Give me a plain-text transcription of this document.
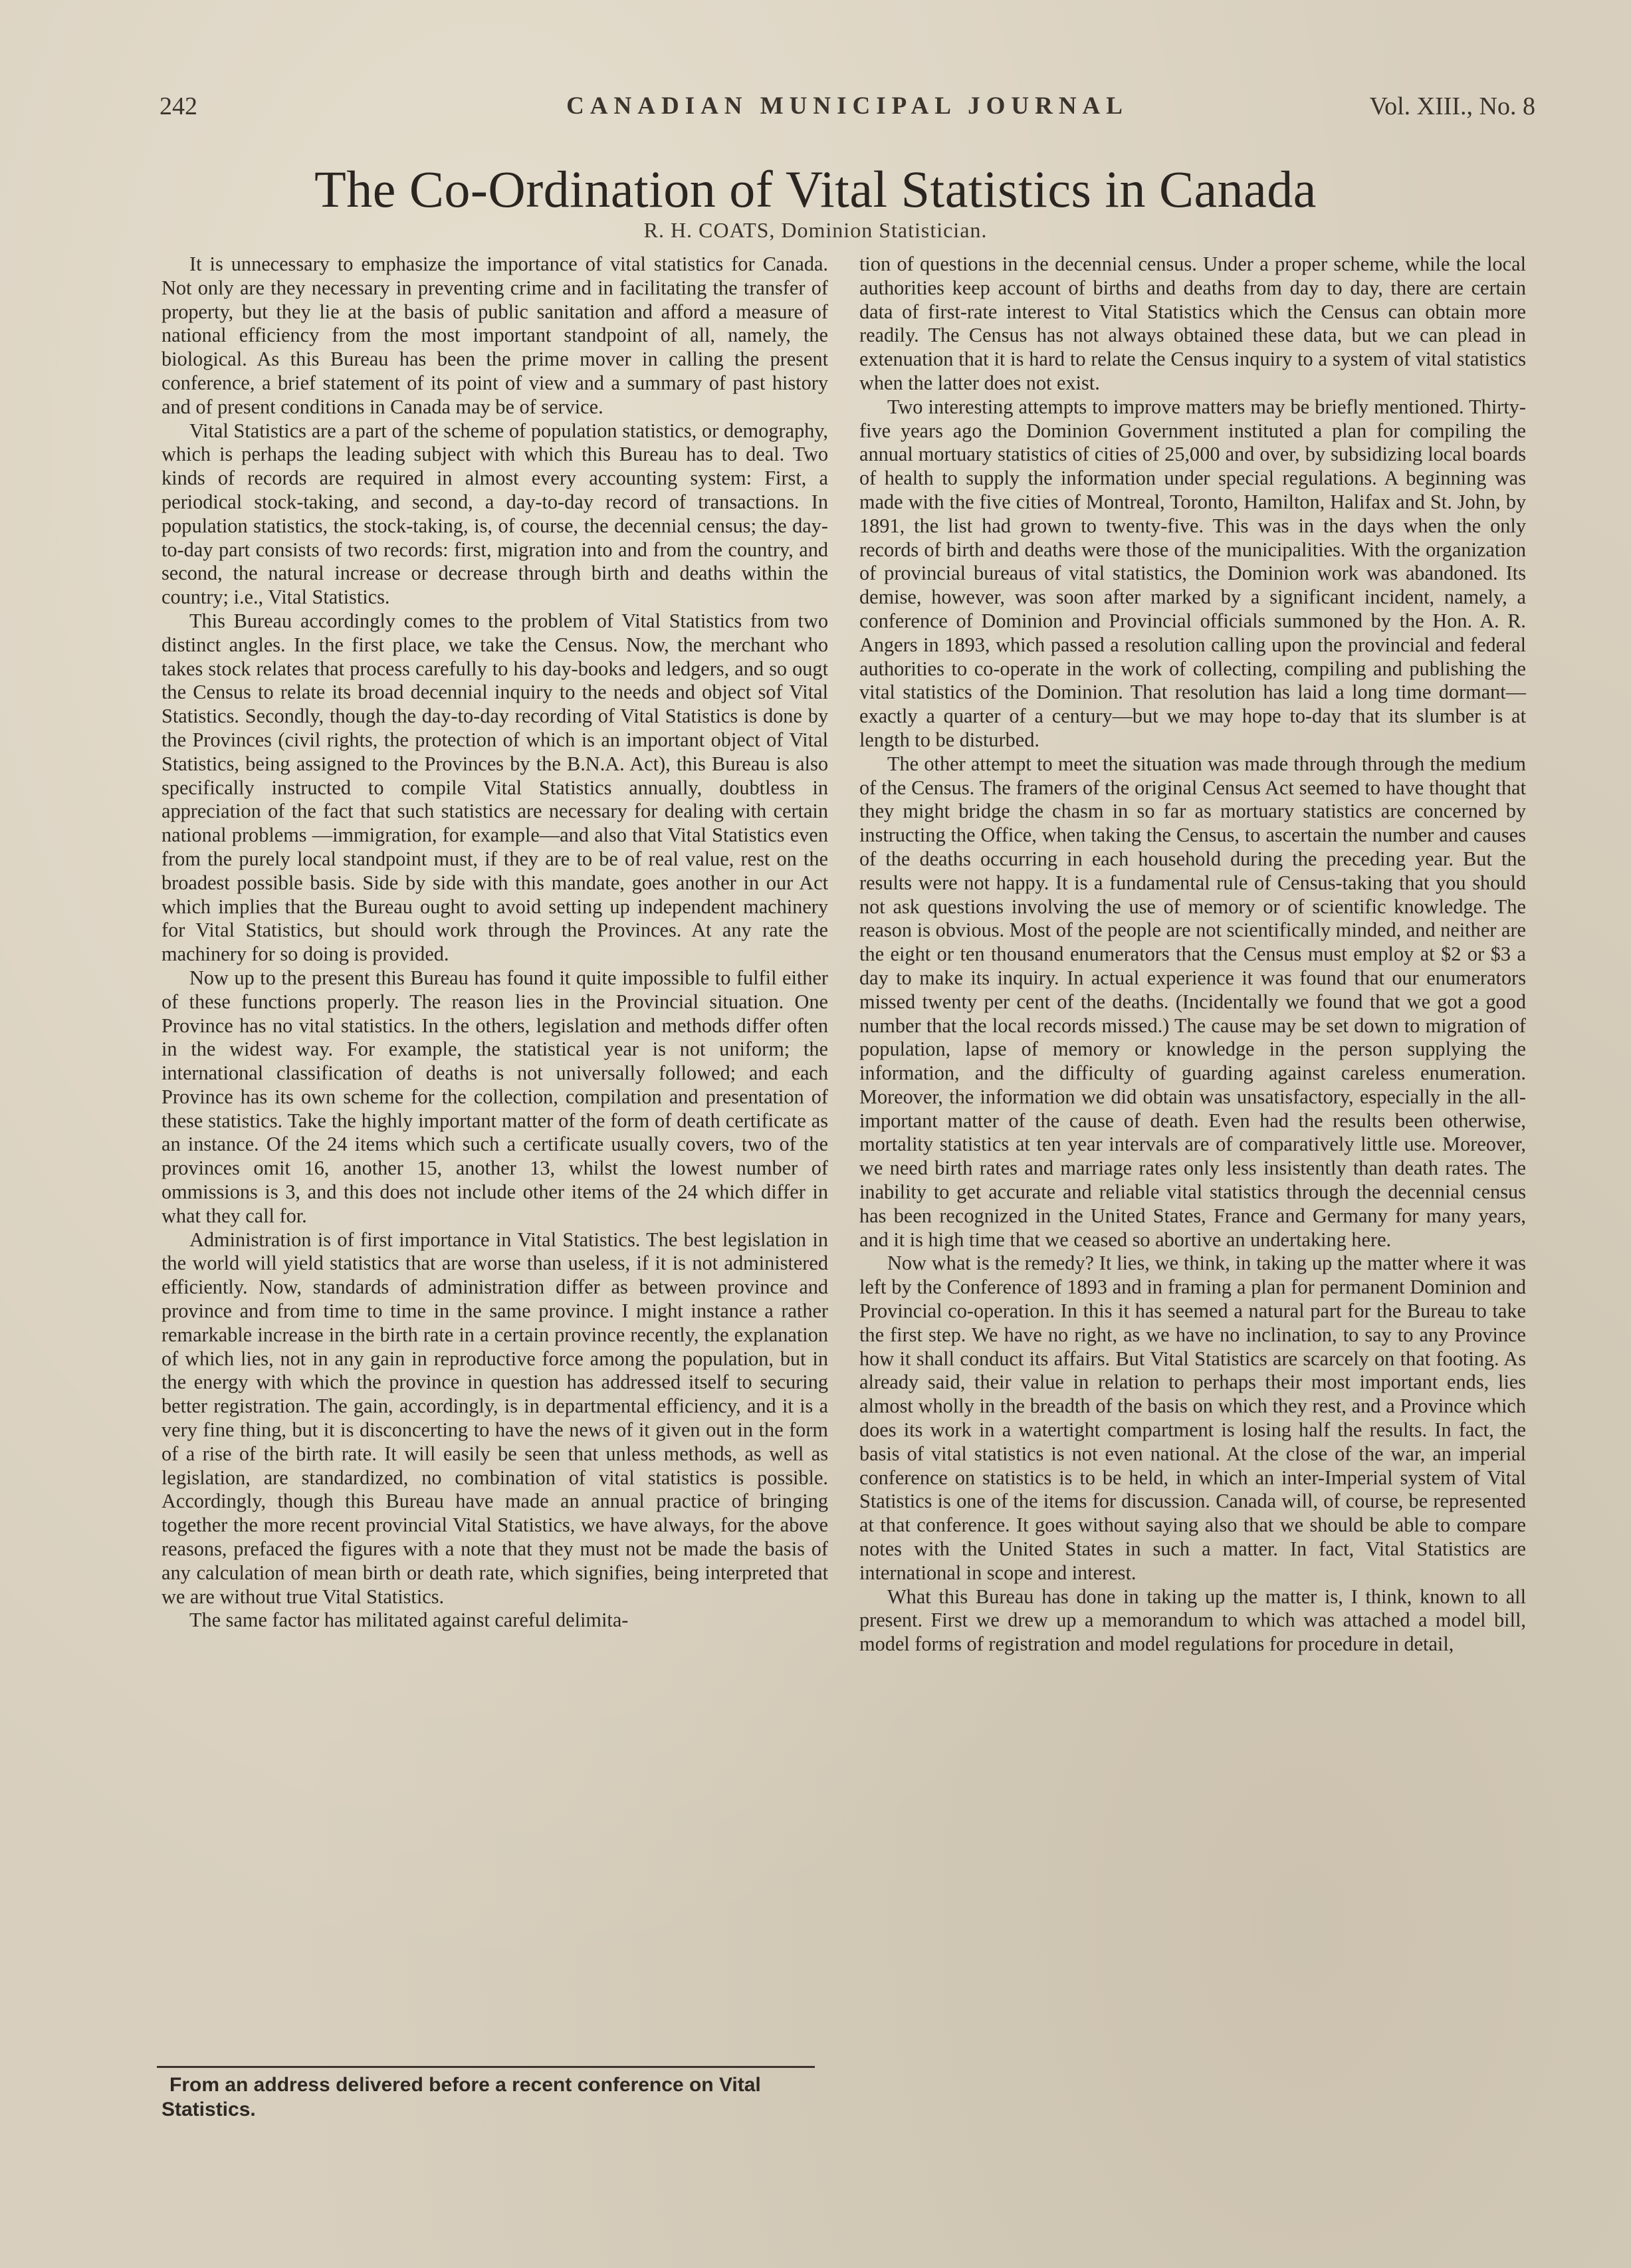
242	CANADIAN MUNICIPAL JOURNAL	Vol. XIII., No. 8
The Co-Ordination of Vital Statistics in Canada
R. H. COATS, Dominion Statistician.

It is unnecessary to emphasize the importance of vital statistics for Canada. Not only are they necessary in preventing crime and in facilitating the transfer of property, but they lie at the basis of public sanitation and afford a measure of national efficiency from the most important standpoint of all, namely, the biological. As this Bureau has been the prime mover in calling the present conference, a brief statement of its point of view and a summary of past history and of present conditions in Canada may be of service.

Vital Statistics are a part of the scheme of population statistics, or demography, which is perhaps the leading subject with which this Bureau has to deal. Two kinds of records are required in almost every accounting system: First, a periodical stock-taking, and second, a day-to-day record of transactions. In population statistics, the stock-taking, is, of course, the decennial census; the day-to-day part consists of two records: first, migration into and from the country, and second, the natural increase or decrease through birth and deaths within the country; i.e., Vital Statistics.

This Bureau accordingly comes to the problem of Vital Statistics from two distinct angles. In the first place, we take the Census. Now, the merchant who takes stock relates that process carefully to his day-books and ledgers, and so ougt the Census to relate its broad decennial inquiry to the needs and object sof Vital Statistics. Secondly, though the day-to-day recording of Vital Statistics is done by the Provinces (civil rights, the protection of which is an important object of Vital Statistics, being assigned to the Provinces by the B.N.A. Act), this Bureau is also specifically instructed to compile Vital Statistics annually, doubtless in appreciation of the fact that such statistics are necessary for dealing with certain national problems —immigration, for example—and also that Vital Statistics even from the purely local standpoint must, if they are to be of real value, rest on the broadest possible basis. Side by side with this mandate, goes another in our Act which implies that the Bureau ought to avoid setting up independent machinery for Vital Statistics, but should work through the Provinces. At any rate the machinery for so doing is provided.

Now up to the present this Bureau has found it quite impossible to fulfil either of these functions properly. The reason lies in the Provincial situation. One Province has no vital statistics. In the others, legislation and methods differ often in the widest way. For example, the statistical year is not uniform; the international classification of deaths is not universally followed; and each Province has its own scheme for the collection, compilation and presentation of these statistics. Take the highly important matter of the form of death certificate as an instance. Of the 24 items which such a certificate usually covers, two of the provinces omit 16, another 15, another 13, whilst the lowest number of ommissions is 3, and this does not include other items of the 24 which differ in what they call for.

Administration is of first importance in Vital Statistics. The best legislation in the world will yield statistics that are worse than useless, if it is not administered efficiently. Now, standards of administration differ as between province and province and from time to time in the same province. I might instance a rather remarkable increase in the birth rate in a certain province recently, the explanation of which lies, not in any gain in reproductive force among the population, but in the energy with which the province in question has addressed itself to securing better registration. The gain, accordingly, is in departmental efficiency, and it is a very fine thing, but it is disconcerting to have the news of it given out in the form of a rise of the birth rate. It will easily be seen that unless methods, as well as legislation, are standardized, no combination of vital statistics is possible. Accordingly, though this Bureau have made an annual practice of bringing together the more recent provincial Vital Statistics, we have always, for the above reasons, prefaced the figures with a note that they must not be made the basis of any calculation of mean birth or death rate, which signifies, being interpreted that we are without true Vital Statistics.

The same factor has militated against careful delimita-

From an address delivered before a recent conference on Vital Statistics.

tion of questions in the decennial census. Under a proper scheme, while the local authorities keep account of births and deaths from day to day, there are certain data of first-rate interest to Vital Statistics which the Census can obtain more readily. The Census has not always obtained these data, but we can plead in extenuation that it is hard to relate the Census inquiry to a system of vital statistics when the latter does not exist.

Two interesting attempts to improve matters may be briefly mentioned. Thirty-five years ago the Dominion Government instituted a plan for compiling the annual mortuary statistics of cities of 25,000 and over, by subsidizing local boards of health to supply the information under special regulations. A beginning was made with the five cities of Montreal, Toronto, Hamilton, Halifax and St. John, by 1891, the list had grown to twenty-five. This was in the days when the only records of birth and deaths were those of the municipalities. With the organization of provincial bureaus of vital statistics, the Dominion work was abandoned. Its demise, however, was soon after marked by a significant incident, namely, a conference of Dominion and Provincial officials summoned by the Hon. A. R. Angers in 1893, which passed a resolution calling upon the provincial and federal authorities to co-operate in the work of collecting, compiling and publishing the vital statistics of the Dominion. That resolution has laid a long time dormant—exactly a quarter of a century—but we may hope to-day that its slumber is at length to be disturbed.

The other attempt to meet the situation was made through through the medium of the Census. The framers of the original Census Act seemed to have thought that they might bridge the chasm in so far as mortuary statistics are concerned by instructing the Office, when taking the Census, to ascertain the number and causes of the deaths occurring in each household during the preceding year. But the results were not happy. It is a fundamental rule of Census-taking that you should not ask questions involving the use of memory or of scientific knowledge. The reason is obvious. Most of the people are not scientifically minded, and neither are the eight or ten thousand enumerators that the Census must employ at $2 or $3 a day to make its inquiry. In actual experience it was found that our enumerators missed twenty per cent of the deaths. (Incidentally we found that we got a good number that the local records missed.) The cause may be set down to migration of population, lapse of memory or knowledge in the person supplying the information, and the difficulty of guarding against careless enumeration. Moreover, the information we did obtain was unsatisfactory, especially in the all-important matter of the cause of death. Even had the results been otherwise, mortality statistics at ten year intervals are of comparatively little use. Moreover, we need birth rates and marriage rates only less insistently than death rates. The inability to get accurate and reliable vital statistics through the decennial census has been recognized in the United States, France and Germany for many years, and it is high time that we ceased so abortive an undertaking here.

Now what is the remedy? It lies, we think, in taking up the matter where it was left by the Conference of 1893 and in framing a plan for permanent Dominion and Provincial co-operation. In this it has seemed a natural part for the Bureau to take the first step. We have no right, as we have no inclination, to say to any Province how it shall conduct its affairs. But Vital Statistics are scarcely on that footing. As already said, their value in relation to perhaps their most important ends, lies almost wholly in the breadth of the basis on which they rest, and a Province which does its work in a watertight compartment is losing half the results. In fact, the basis of vital statistics is not even national. At the close of the war, an imperial conference on statistics is to be held, in which an inter-Imperial system of Vital Statistics is one of the items for discussion. Canada will, of course, be represented at that conference. It goes without saying also that we should be able to compare notes with the United States in such a matter. In fact, Vital Statistics are international in scope and interest.

What this Bureau has done in taking up the matter is, I think, known to all present. First we drew up a memorandum to which was attached a model bill, model forms of registration and model regulations for procedure in detail,
